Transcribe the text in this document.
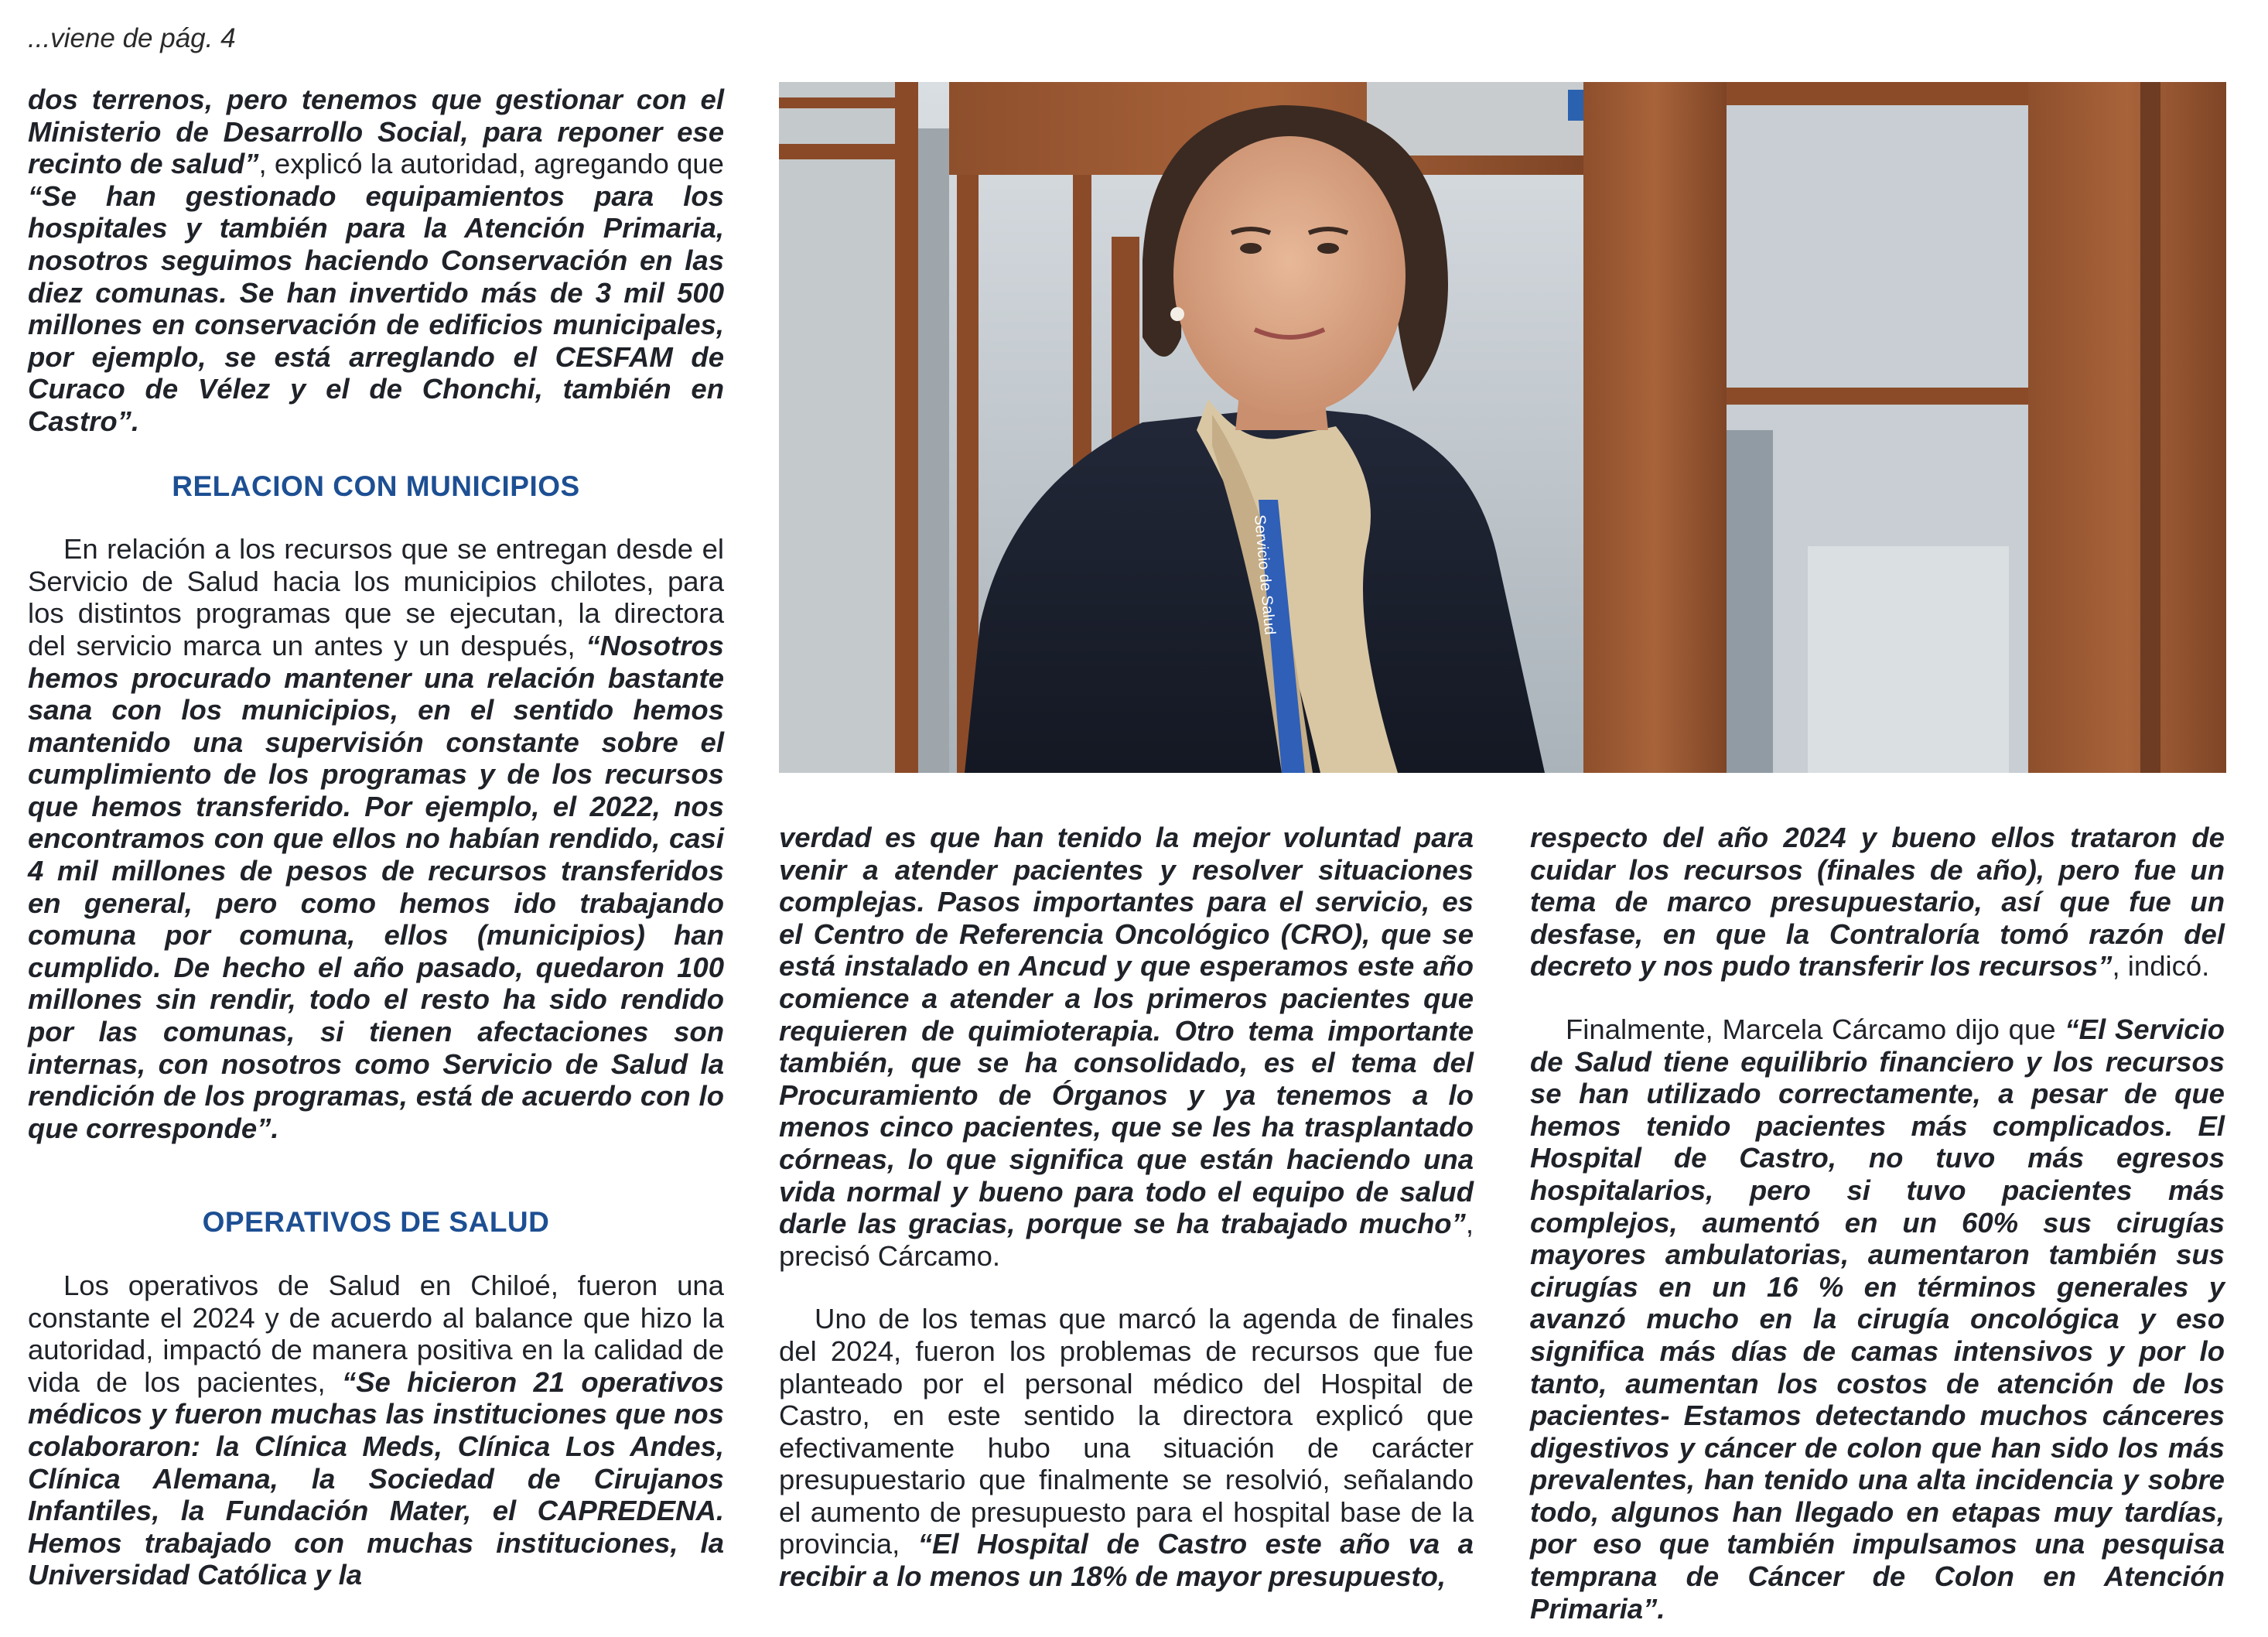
...viene de pág. 4

dos terrenos, pero tenemos que gestionar con el Ministerio de Desarrollo Social, para reponer ese recinto de salud”, explicó la autoridad, agregando que “Se han gestionado equipamientos para los hospitales y también para la Atención Primaria, nosotros seguimos haciendo Conservación en las diez comunas. Se han invertido más de 3 mil 500 millones en conservación de edificios municipales, por ejemplo, se está arreglando el CESFAM de Curaco de Vélez y el de Chonchi, también en Castro”.

RELACION CON MUNICIPIOS

En relación a los recursos que se entregan desde el Servicio de Salud hacia los municipios chilotes, para los distintos programas que se ejecutan, la directora del servicio marca un antes y un después, “Nosotros hemos procurado mantener una relación bastante sana con los municipios, en el sentido hemos mantenido una supervisión constante sobre el cumplimiento de los programas y de los recursos que hemos transferido. Por ejemplo, el 2022, nos encontramos con que ellos no habían rendido, casi 4 mil millones de pesos de recursos transferidos en general, pero como hemos ido trabajando comuna por comuna, ellos (municipios) han cumplido. De hecho el año pasado, quedaron 100 millones sin rendir, todo el resto ha sido rendido por las comunas, si tienen afectaciones son internas, con nosotros como Servicio de Salud la rendición de los programas, está de acuerdo con lo que corresponde”.

OPERATIVOS DE SALUD

Los operativos de Salud en Chiloé, fueron una constante el 2024 y de acuerdo al balance que hizo la autoridad, impactó de manera positiva en la calidad de vida de los pacientes, “Se hicieron 21 operativos médicos y fueron muchas las instituciones que nos colaboraron: la Clínica Meds, Clínica Los Andes, Clínica Alemana, la Sociedad de Cirujanos Infantiles, la Fundación Mater, el CAPREDENA. Hemos trabajado con muchas instituciones, la Universidad Católica y la

Servicio de Salud

verdad es que han tenido la mejor voluntad para venir a atender pacientes y resolver situaciones complejas. Pasos importantes para el servicio, es el Centro de Referencia Oncológico (CRO), que se está instalado en Ancud y que esperamos este año comience a atender a los primeros pacientes que requieren de quimioterapia. Otro tema importante también, que se ha consolidado, es el tema del Procuramiento de Órganos y ya tenemos a lo menos cinco pacientes, que se les ha trasplantado córneas, lo que significa que están haciendo una vida normal y bueno para todo el equipo de salud darle las gracias, porque se ha trabajado mucho”, precisó Cárcamo.

Uno de los temas que marcó la agenda de finales del 2024, fueron los problemas de recursos que fue planteado por el personal médico del Hospital de Castro, en este sentido la directora explicó que efectivamente hubo una situación de carácter presupuestario que finalmente se resolvió, señalando el aumento de presupuesto para el hospital base de la provincia, “El Hospital de Castro este año va a recibir a lo menos un 18% de mayor presupuesto,

respecto del año 2024 y bueno ellos trataron de cuidar los recursos (finales de año), pero fue un tema de marco presupuestario, así que fue un desfase, en que la Contraloría tomó razón del decreto y nos pudo transferir los recursos”, indicó.

Finalmente, Marcela Cárcamo dijo que “El Servicio de Salud tiene equilibrio financiero y los recursos se han utilizado correctamente, a pesar de que hemos tenido pacientes más complicados. El Hospital de Castro, no tuvo más egresos hospitalarios, pero si tuvo pacientes más complejos, aumentó en un 60% sus cirugías mayores ambulatorias, aumentaron también sus cirugías en un 16 % en términos generales y avanzó mucho en la cirugía oncológica y eso significa más días de camas intensivos y por lo tanto, aumentan los costos de atención de los pacientes- Estamos detectando muchos cánceres digestivos y cáncer de colon que han sido los más prevalentes, han tenido una alta incidencia y sobre todo, algunos han llegado en etapas muy tardías, por eso que también impulsamos una pesquisa temprana de Cáncer de Colon en Atención Primaria”.
